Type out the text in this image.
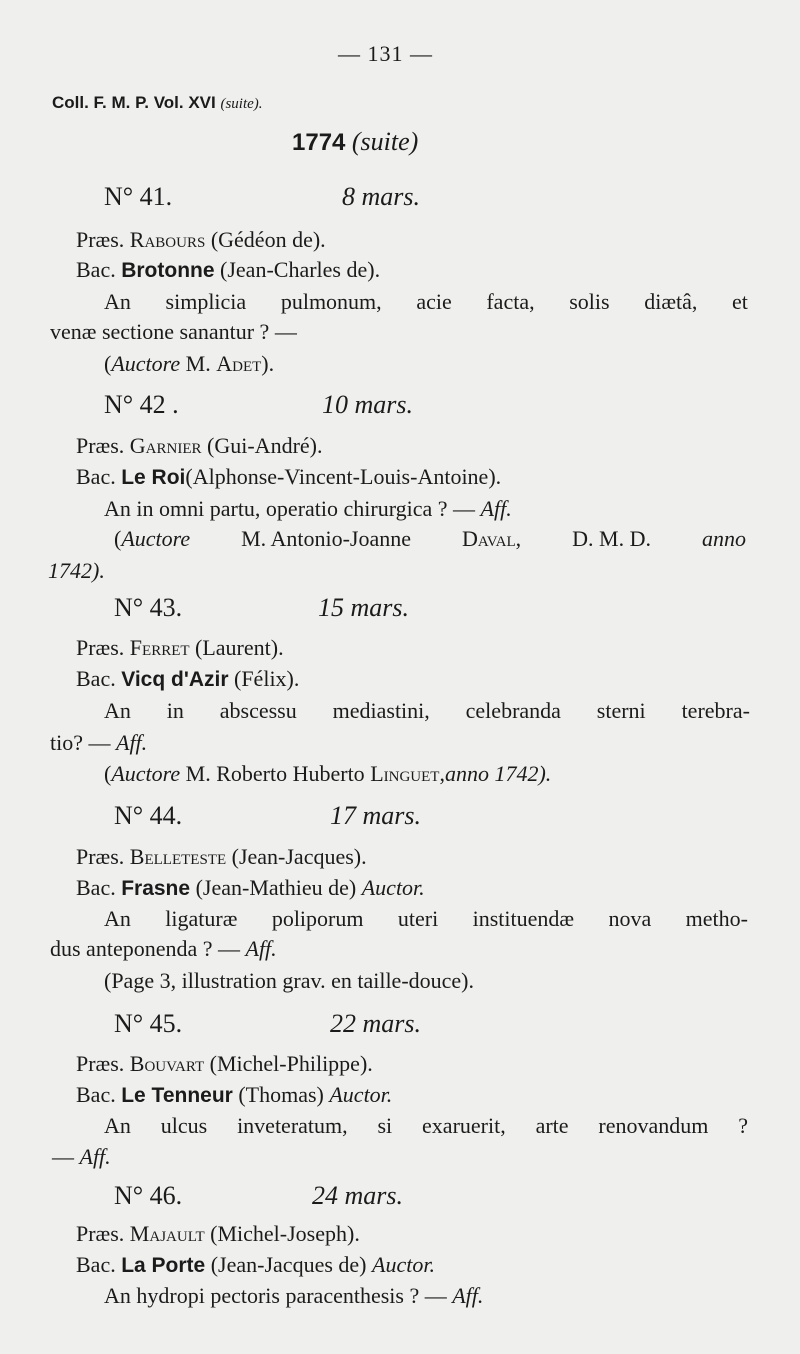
— 131 —
Coll. F. M. P. Vol. XVI (suite).
1774 (suite)
N° 41.	8 mars.
Præs. Rabours (Gédéon de).
Bac. Brotonne (Jean-Charles de).
An simplicia pulmonum, acie facta, solis diætâ, et
venæ sectione sanantur ? —
(Auctore M. Adet).
N° 42 .	10 mars.
Præs. Garnier (Gui-André).
Bac. Le Roi(Alphonse-Vincent-Louis-Antoine).
An in omni partu, operatio chirurgica ? — Aff.
(Auctore M. Antonio-Joanne Daval, D. M. D. anno
1742).
N° 43.	15 mars.
Præs. Ferret (Laurent).
Bac. Vicq d'Azir (Félix).
An in abscessu mediastini, celebranda sterni terebra-
tio? — Aff.
(Auctore M. Roberto Huberto Linguet,anno 1742).
N° 44.	17 mars.
Præs. Belleteste (Jean-Jacques).
Bac. Frasne (Jean-Mathieu de) Auctor.
An ligaturæ poliporum uteri instituendæ nova metho-
dus anteponenda ? — Aff.
(Page 3, illustration grav. en taille-douce).
N° 45.	22 mars.
Præs. Bouvart (Michel-Philippe).
Bac. Le Tenneur (Thomas) Auctor.
An ulcus inveteratum, si exaruerit, arte renovandum ?
— Aff.
N° 46.	24 mars.
Præs. Majault (Michel-Joseph).
Bac. La Porte (Jean-Jacques de) Auctor.
An hydropi pectoris paracenthesis ? — Aff.
